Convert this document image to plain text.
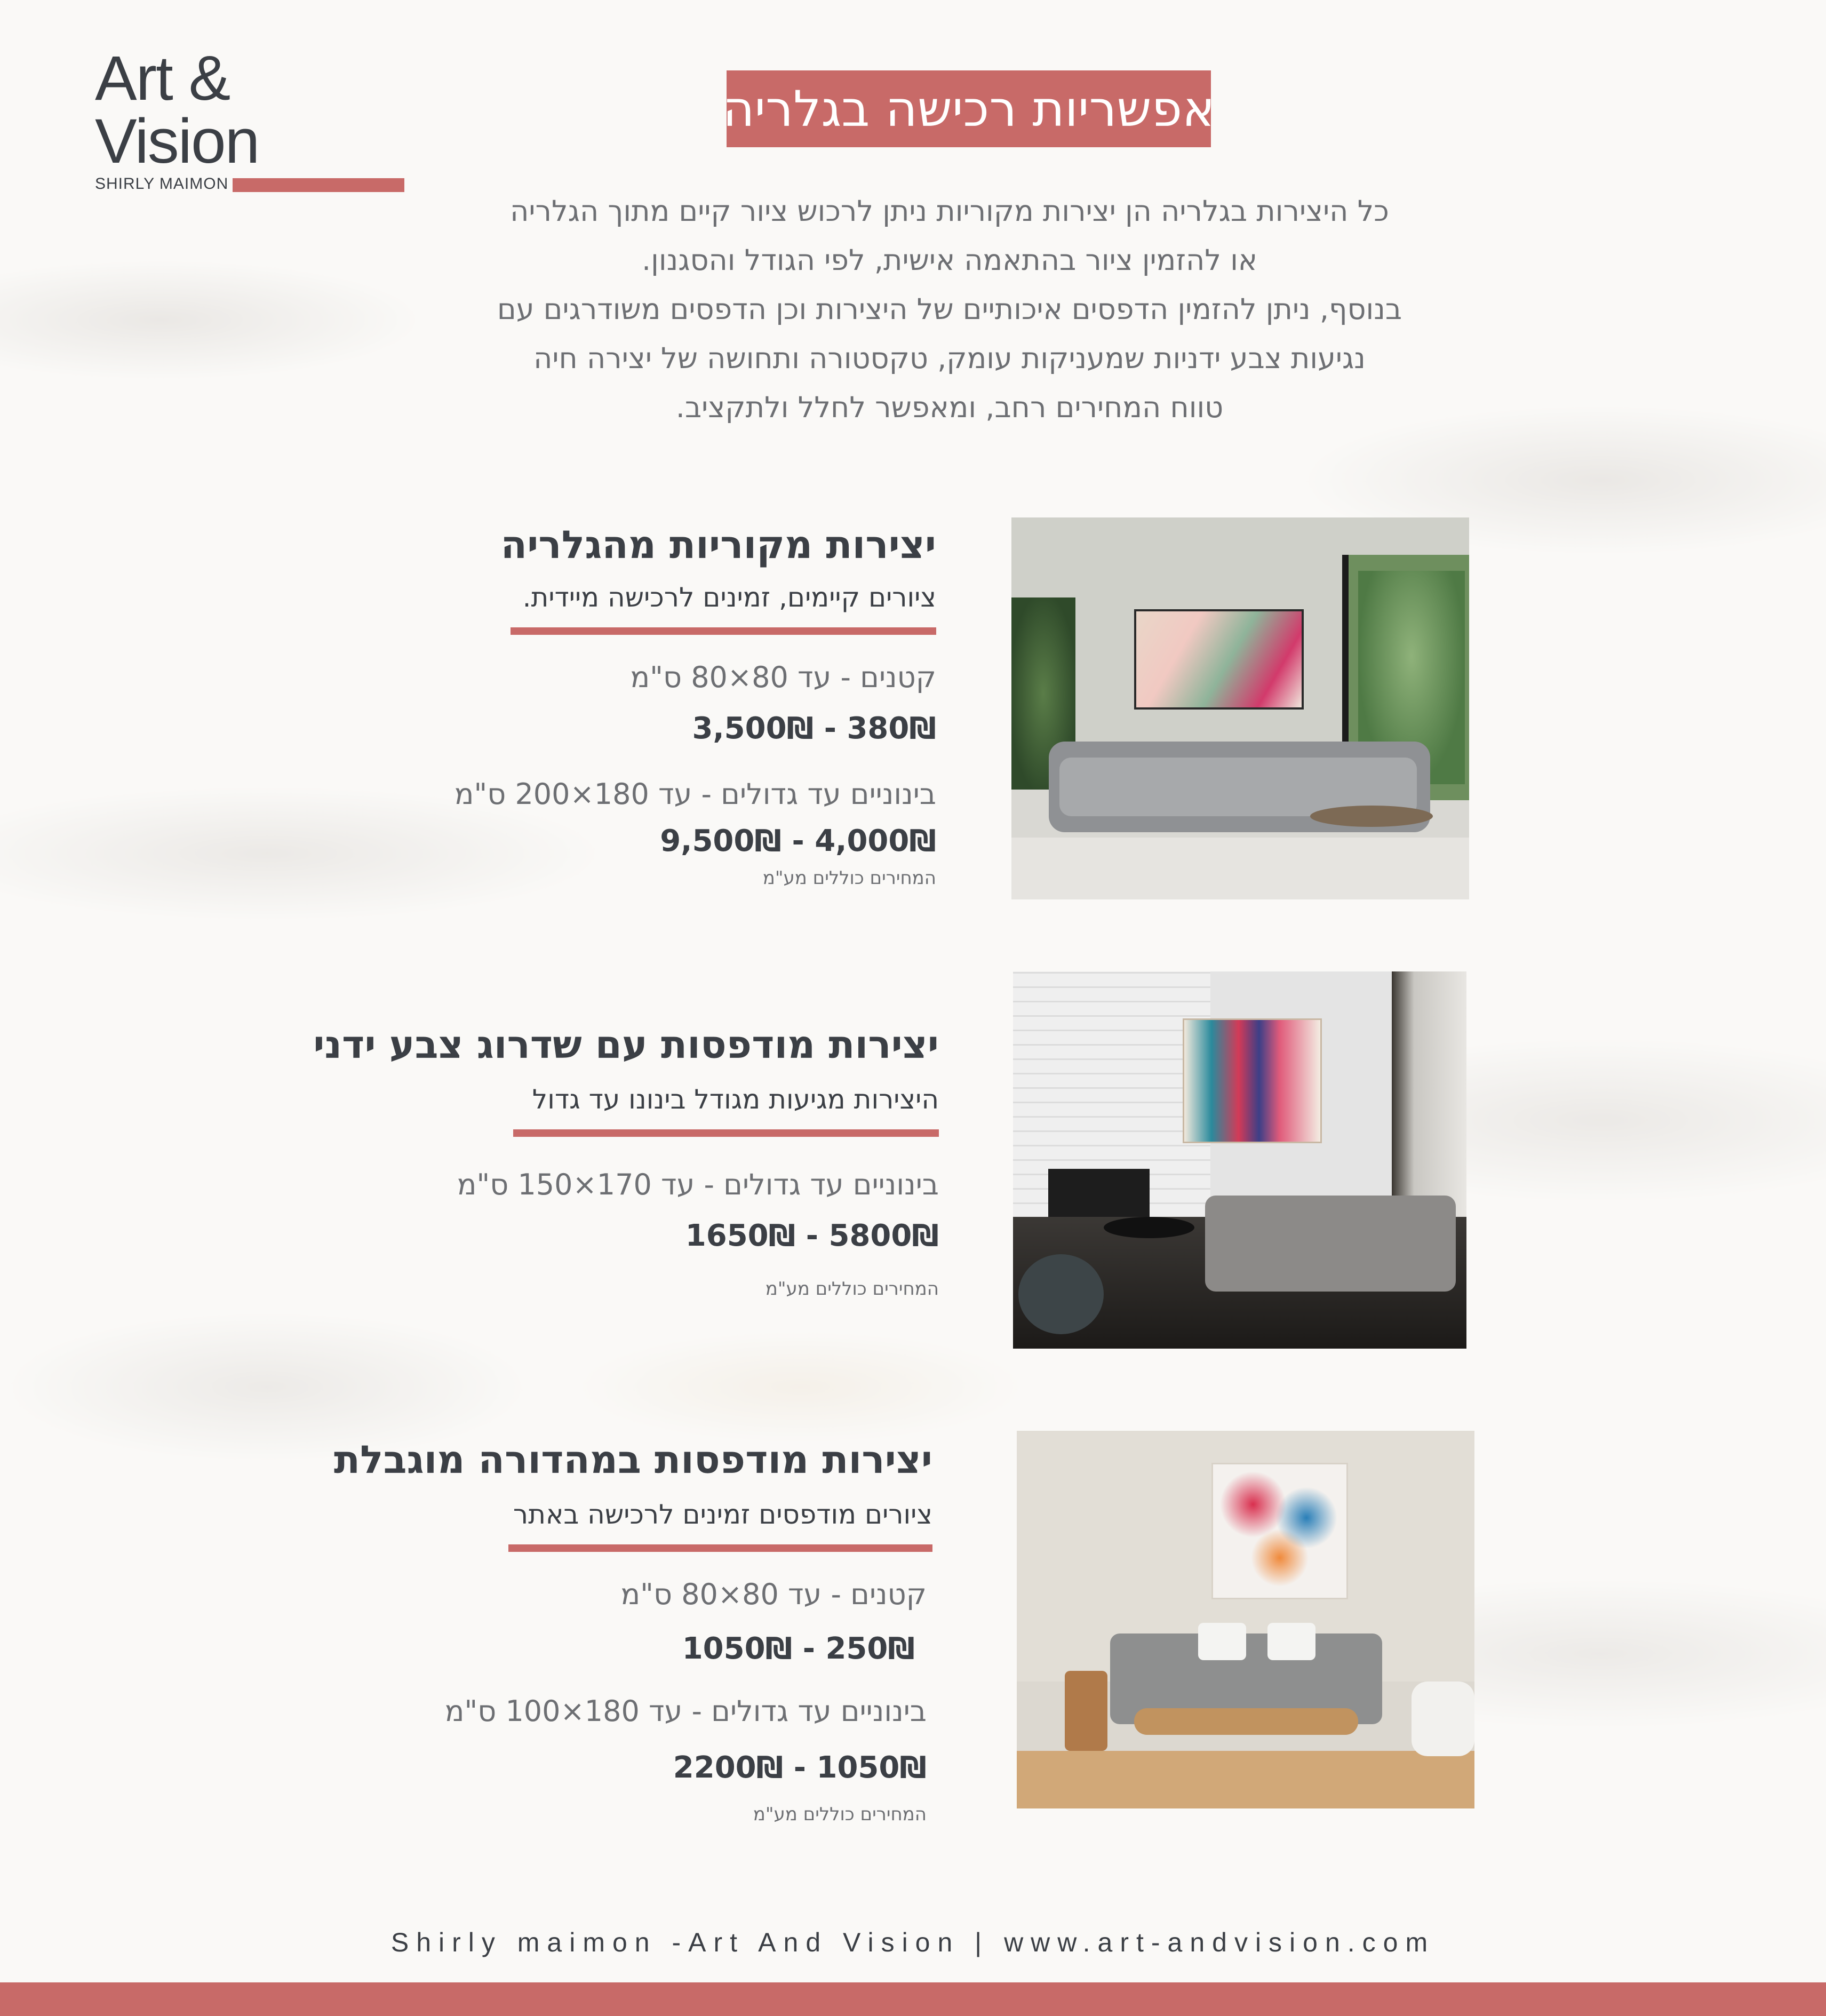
Art & Vision
SHIRLY MAIMON
אפשריות רכישה בגלריה
כל היצירות בגלריה הן יצירות מקוריות ניתן לרכוש ציור קיים מתוך הגלריה
או להזמין ציור בהתאמה אישית, לפי הגודל והסגנון.
בנוסף, ניתן להזמין הדפסים איכותיים של היצירות וכן הדפסים משודרגים עם
נגיעות צבע ידניות שמעניקות עומק, טקסטורה ותחושה של יצירה חיה
טווח המחירים רחב, ומאפשר לחלל ולתקציב.
יצירות מקוריות מהגלריה
ציורים קיימים, זמינים לרכישה מיידית.
קטנים - עד 80×80 ס"מ
380₪ - 3,500₪
בינוניים עד גדולים - עד 180×200 ס"מ
4,000₪ - 9,500₪
המחירים כוללים מע"מ
יצירות מודפסות עם שדרוג צבע ידני
היצירות מגיעות מגודל בינונו עד גדול
בינוניים עד גדולים - עד 170×150 ס"מ
5800₪ - 1650₪
המחירים כוללים מע"מ
יצירות מודפסות במהדורה מוגבלת
ציורים מודפסים זמינים לרכישה באתר
קטנים - עד 80×80 ס"מ
250₪ - 1050₪
בינוניים עד גדולים - עד 180×100 ס"מ
1050₪ - 2200₪
המחירים כוללים מע"מ
Shirly maimon -Art And Vision | www.art-andvision.com
